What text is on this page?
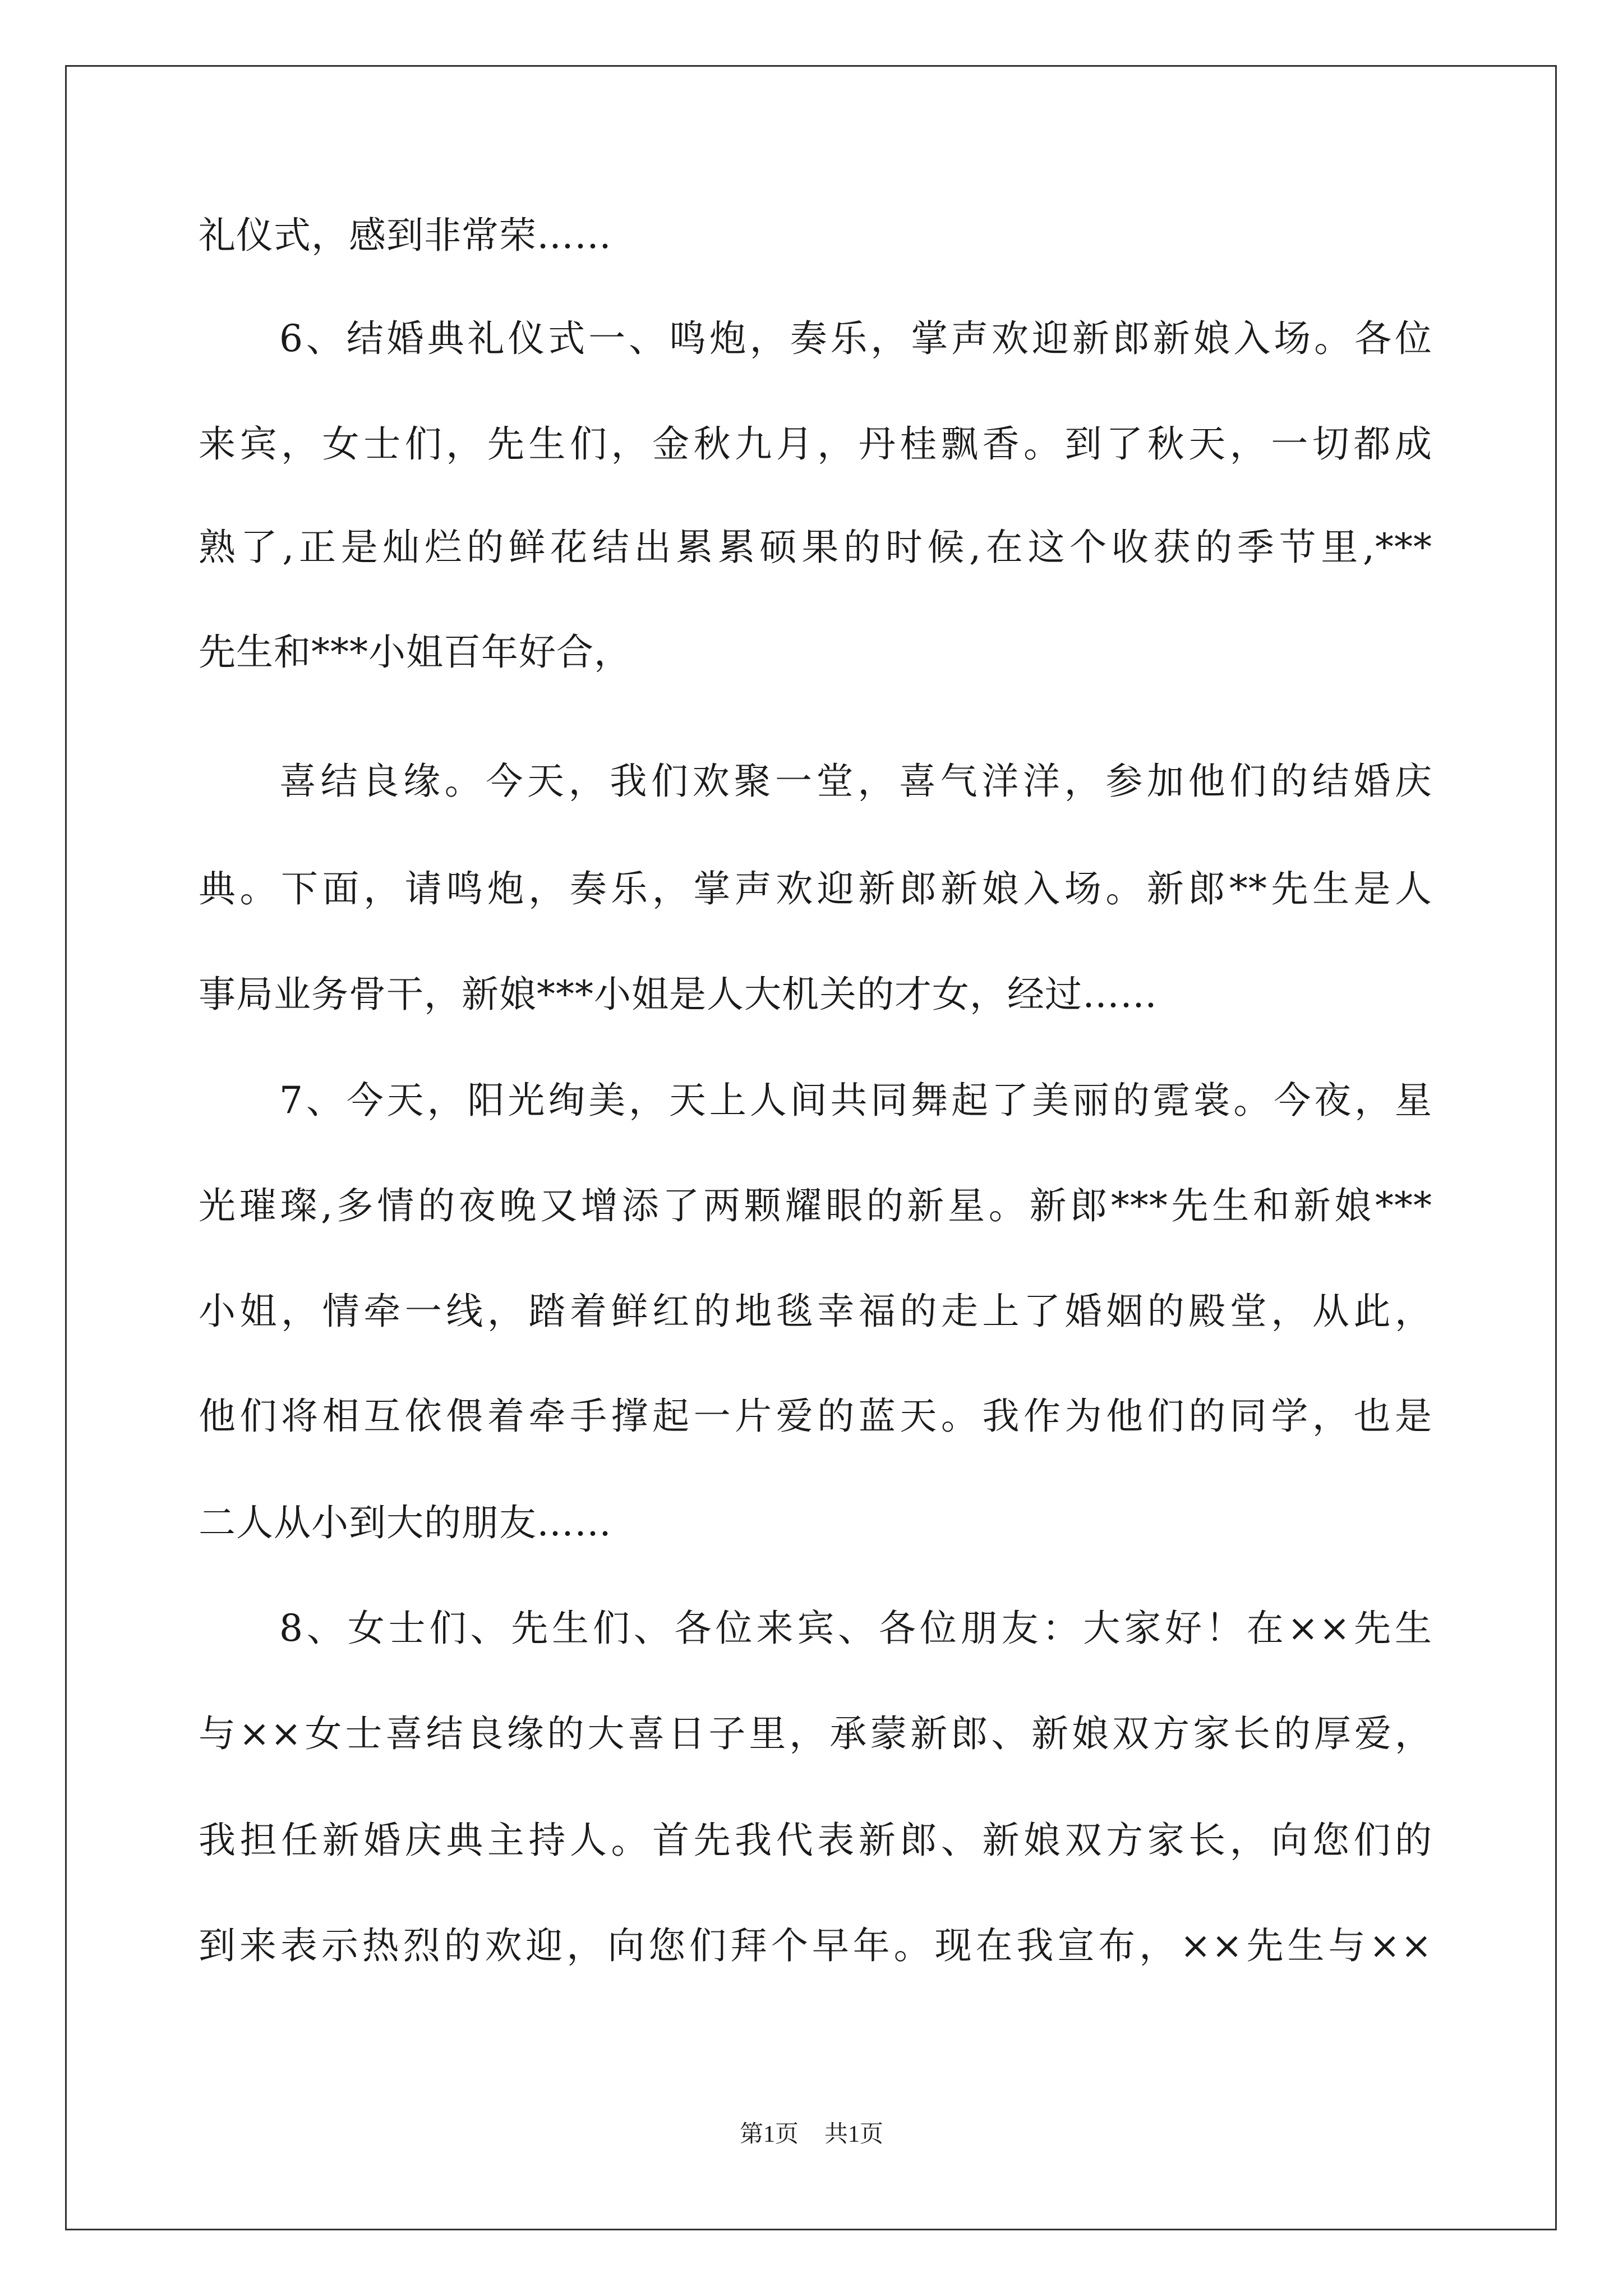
礼仪式，感到非常荣……
6、结婚典礼仪式一、鸣炮，奏乐，掌声欢迎新郎新娘入场。各位
来宾，女士们，先生们，金秋九月，丹桂飘香。到了秋天，一切都成
熟了,正是灿烂的鲜花结出累累硕果的时候,在这个收获的季节里,***
先生和***小姐百年好合，
喜结良缘。今天，我们欢聚一堂，喜气洋洋，参加他们的结婚庆
典。下面，请鸣炮，奏乐，掌声欢迎新郎新娘入场。新郎**先生是人
事局业务骨干，新娘***小姐是人大机关的才女，经过……
7、今天，阳光绚美，天上人间共同舞起了美丽的霓裳。今夜，星
光璀璨,多情的夜晚又增添了两颗耀眼的新星。新郎***先生和新娘***
小姐，情牵一线，踏着鲜红的地毯幸福的走上了婚姻的殿堂，从此，
他们将相互依偎着牵手撑起一片爱的蓝天。我作为他们的同学，也是
二人从小到大的朋友……
8、女士们、先生们、各位来宾、各位朋友：大家好！在××先生
与××女士喜结良缘的大喜日子里，承蒙新郎、新娘双方家长的厚爱，
我担任新婚庆典主持人。首先我代表新郎、新娘双方家长，向您们的
到来表示热烈的欢迎，向您们拜个早年。现在我宣布，××先生与××
第1页 共1页
